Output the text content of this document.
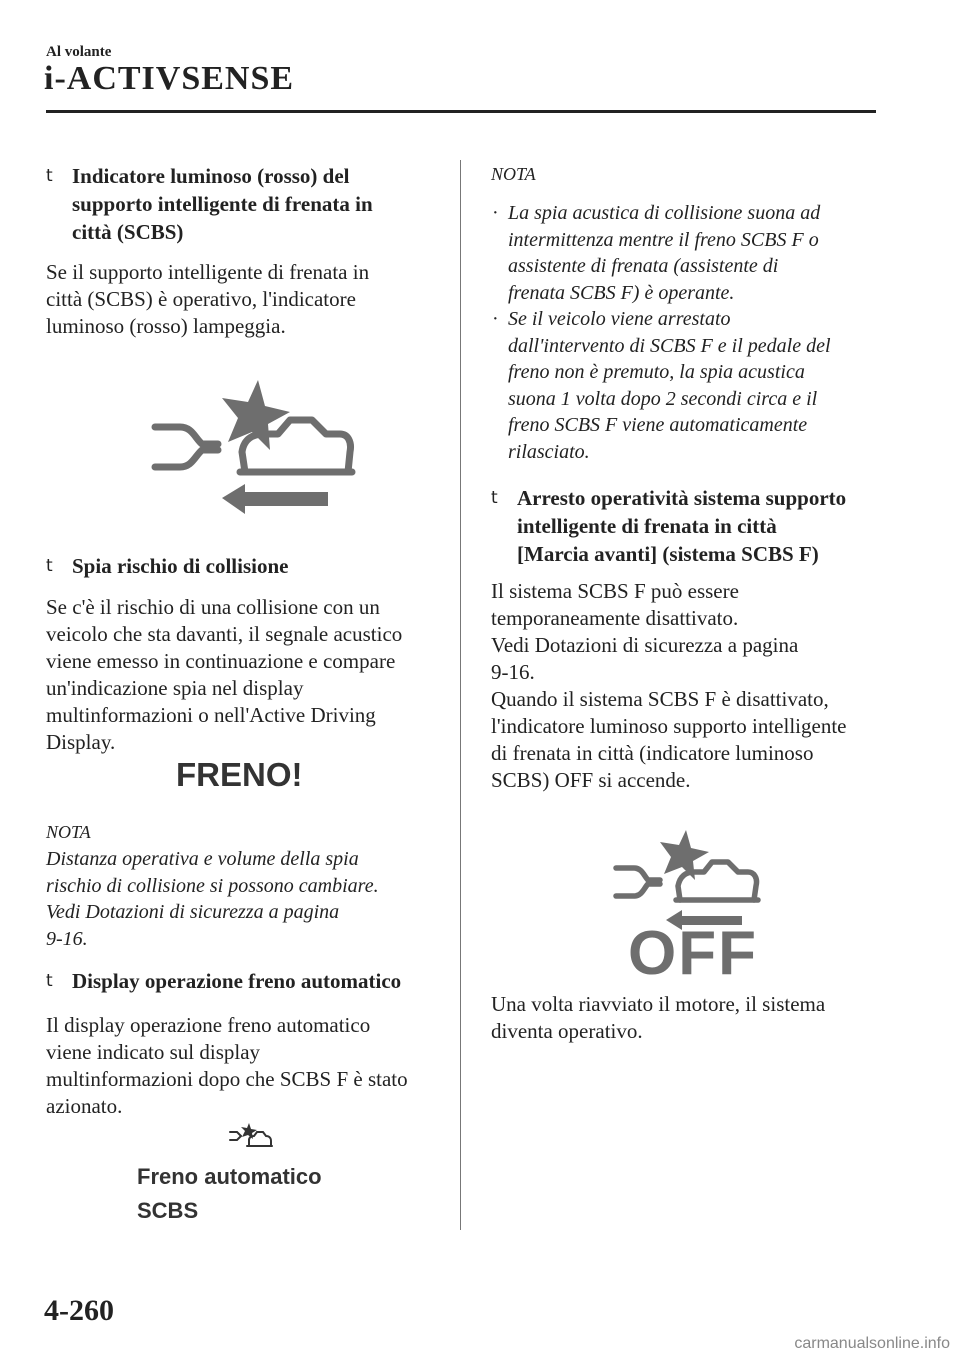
Al volante
i-ACTIVSENSE
t Indicatore luminoso (rosso) del
supporto intelligente di frenata in
città (SCBS)
Se il supporto intelligente di frenata in
città (SCBS) è operativo, l'indicatore
luminoso (rosso) lampeggia.
t Spia rischio di collisione
Se c'è il rischio di una collisione con un
veicolo che sta davanti, il segnale acustico
viene emesso in continuazione e compare
un'indicazione spia nel display
multinformazioni o nell'Active Driving
Display.
FRENO!
NOTA
Distanza operativa e volume della spia
rischio di collisione si possono cambiare.
Vedi Dotazioni di sicurezza a pagina
9-16.
t Display operazione freno automatico
Il display operazione freno automatico
viene indicato sul display
multinformazioni dopo che SCBS F è stato
azionato.
Freno automatico
SCBS
NOTA
· La spia acustica di collisione suona ad
intermittenza mentre il freno SCBS F o
assistente di frenata (assistente di
frenata SCBS F) è operante.
· Se il veicolo viene arrestato
dall'intervento di SCBS F e il pedale del
freno non è premuto, la spia acustica
suona 1 volta dopo 2 secondi circa e il
freno SCBS F viene automaticamente
rilasciato.
t Arresto operatività sistema supporto
intelligente di frenata in città
[Marcia avanti] (sistema SCBS F)
Il sistema SCBS F può essere
temporaneamente disattivato.
Vedi Dotazioni di sicurezza a pagina
9-16.
Quando il sistema SCBS F è disattivato,
l'indicatore luminoso supporto intelligente
di frenata in città (indicatore luminoso
SCBS) OFF si accende.
OFF
Una volta riavviato il motore, il sistema
diventa operativo.
4-260
carmanualsonline.info
